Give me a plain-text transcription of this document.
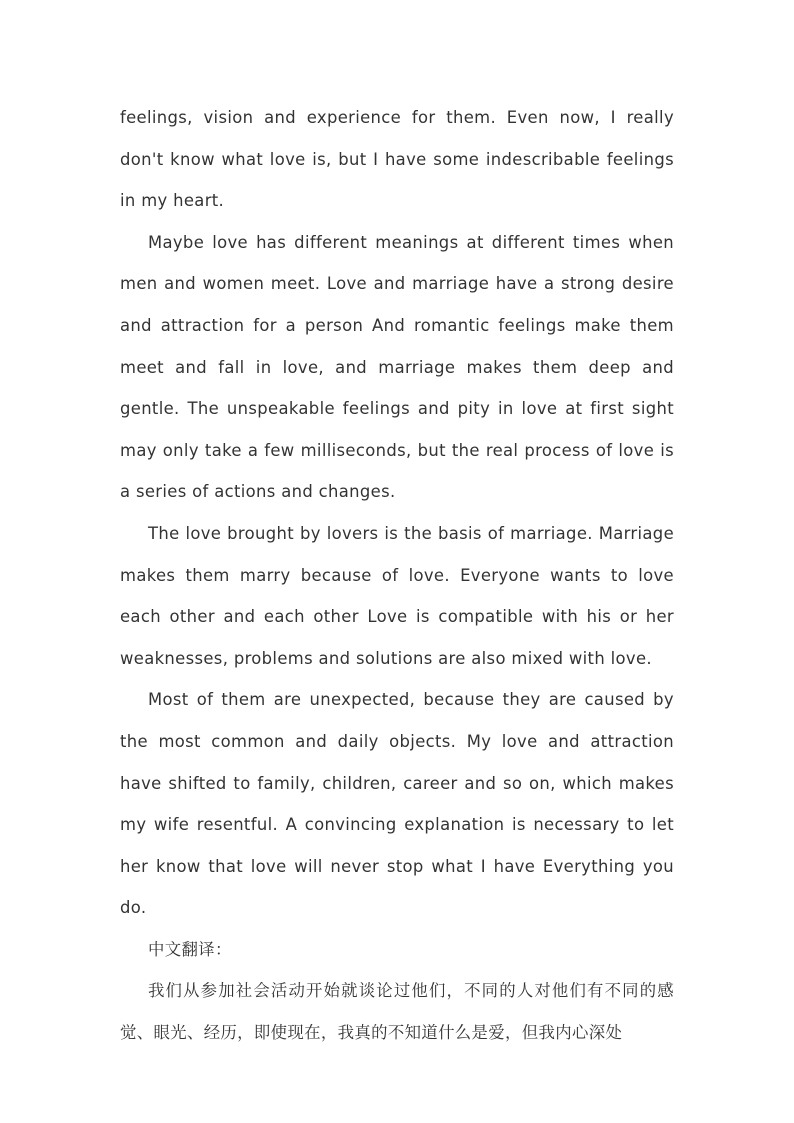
feelings, vision and experience for them. Even now, I really don't know what love is, but I have some indescribable feelings in my heart.

Maybe love has different meanings at different times when men and women meet. Love and marriage have a strong desire and attraction for a person And romantic feelings make them meet and fall in love, and marriage makes them deep and gentle. The unspeakable feelings and pity in love at first sight may only take a few milliseconds, but the real process of love is a series of actions and changes.

The love brought by lovers is the basis of marriage. Marriage makes them marry because of love. Everyone wants to love each other and each other Love is compatible with his or her weaknesses, problems and solutions are also mixed with love.

Most of them are unexpected, because they are caused by the most common and daily objects. My love and attraction have shifted to family, children, career and so on, which makes my wife resentful. A convincing explanation is necessary to let her know that love will never stop what I have Everything you do.

中文翻译：

我们从参加社会活动开始就谈论过他们，不同的人对他们有不同的感觉、眼光、经历，即使现在，我真的不知道什么是爱，但我内心深处
